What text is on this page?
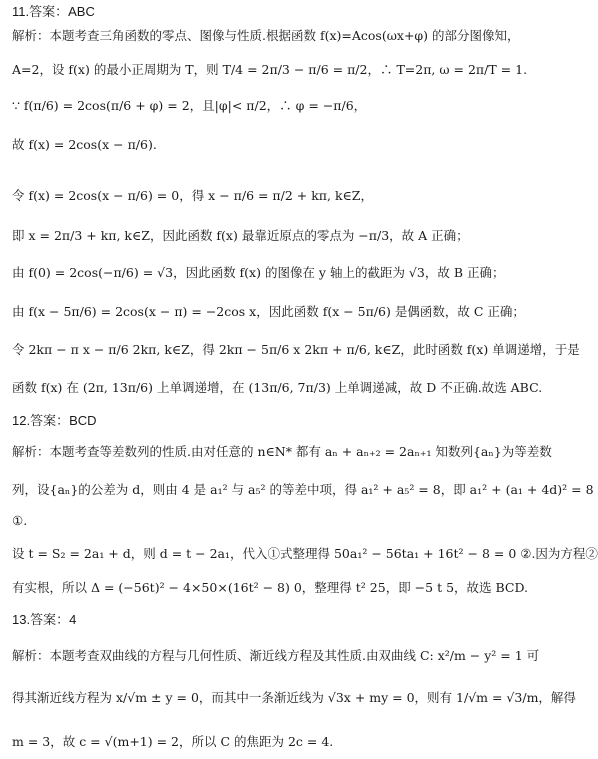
11.答案：ABC
解析：本题考查三角函数的零点、图像与性质.根据函数 f(x)=Acos(ωx+φ) 的部分图像知，
A=2，设 f(x) 的最小正周期为 T，则 T/4 = 2π/3 − π/6 = π/2，∴ T=2π, ω = 2π/T = 1.
∵ f(π/6) = 2cos(π/6 + φ) = 2，且|φ|< π/2，∴ φ = −π/6，
故 f(x) = 2cos(x − π/6).
令 f(x) = 2cos(x − π/6) = 0，得 x − π/6 = π/2 + kπ, k∈Z，
即 x = 2π/3 + kπ, k∈Z，因此函数 f(x) 最靠近原点的零点为 −π/3，故 A 正确；
由 f(0) = 2cos(−π/6) = √3，因此函数 f(x) 的图像在 y 轴上的截距为 √3，故 B 正确；
由 f(x − 5π/6) = 2cos(x − π) = −2cos x，因此函数 f(x − 5π/6) 是偶函数，故 C 正确；
令 2kπ − π x − π/6 2kπ, k∈Z，得 2kπ − 5π/6 x 2kπ + π/6, k∈Z，此时函数 f(x) 单调递增，于是
函数 f(x) 在 (2π, 13π/6) 上单调递增，在 (13π/6, 7π/3) 上单调递减，故 D 不正确.故选 ABC.
12.答案：BCD
解析：本题考查等差数列的性质.由对任意的 n∈N* 都有 aₙ + aₙ₊₂ = 2aₙ₊₁ 知数列{aₙ}为等差数
列，设{aₙ}的公差为 d，则由 4 是 a₁² 与 a₅² 的等差中项，得 a₁² + a₅² = 8，即 a₁² + (a₁ + 4d)² = 8
①.
设 t = S₂ = 2a₁ + d，则 d = t − 2a₁，代入①式整理得 50a₁² − 56ta₁ + 16t² − 8 = 0 ②.因为方程②
有实根，所以 Δ = (−56t)² − 4×50×(16t² − 8) 0，整理得 t² 25，即 −5 t 5，故选 BCD.
13.答案：4
解析：本题考查双曲线的方程与几何性质、渐近线方程及其性质.由双曲线 C: x²/m − y² = 1 可
得其渐近线方程为 x/√m ± y = 0，而其中一条渐近线为 √3x + my = 0，则有 1/√m = √3/m，解得
m = 3，故 c = √(m+1) = 2，所以 C 的焦距为 2c = 4.
